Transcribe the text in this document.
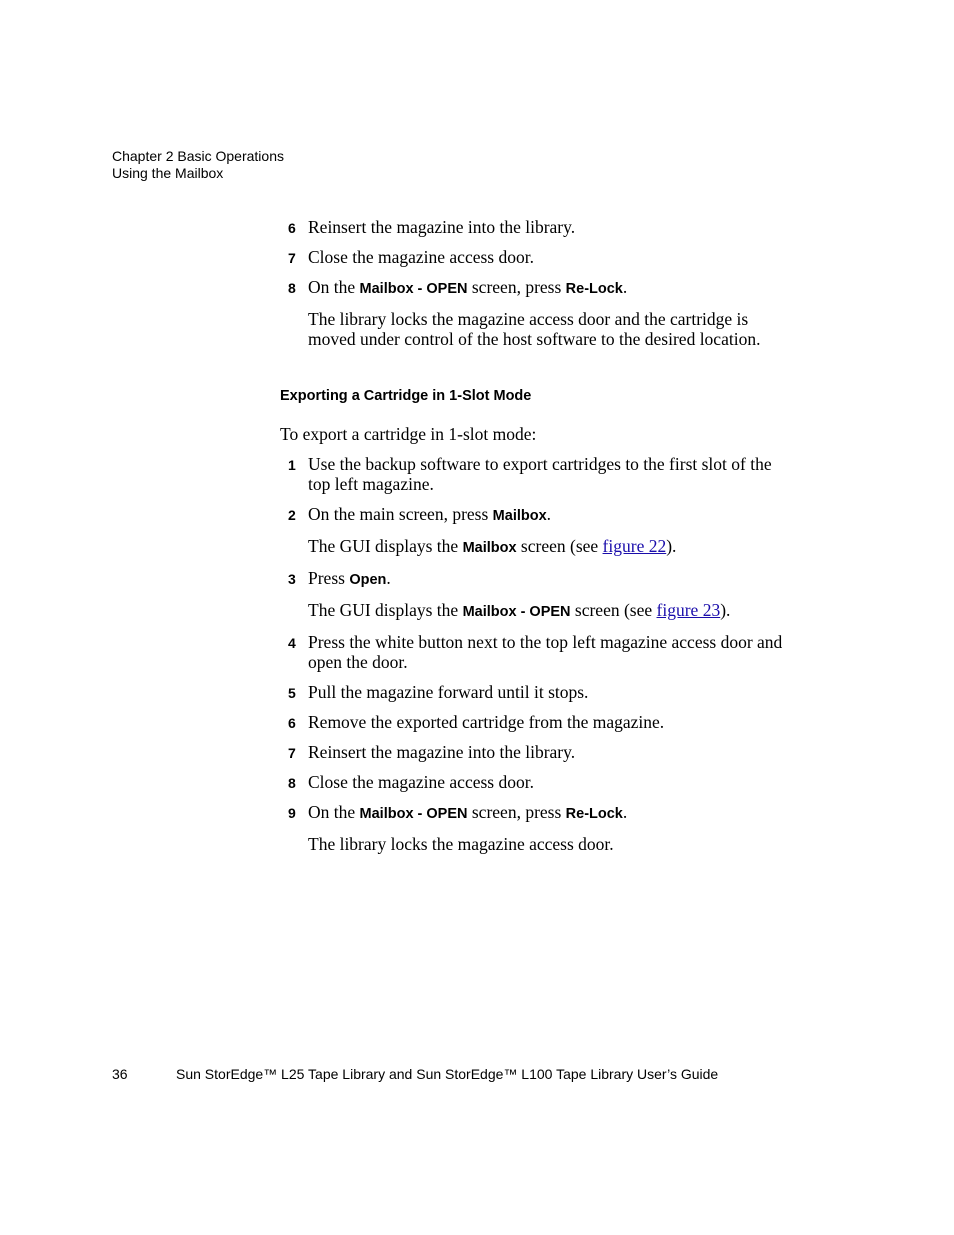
Chapter 2 Basic Operations
Using the Mailbox
6 Reinsert the magazine into the library.
7 Close the magazine access door.
8 On the Mailbox - OPEN screen, press Re-Lock.
The library locks the magazine access door and the cartridge is moved under control of the host software to the desired location.
Exporting a Cartridge in 1-Slot Mode
To export a cartridge in 1-slot mode:
1 Use the backup software to export cartridges to the first slot of the top left magazine.
2 On the main screen, press Mailbox.
The GUI displays the Mailbox screen (see figure 22).
3 Press Open.
The GUI displays the Mailbox - OPEN screen (see figure 23).
4 Press the white button next to the top left magazine access door and open the door.
5 Pull the magazine forward until it stops.
6 Remove the exported cartridge from the magazine.
7 Reinsert the magazine into the library.
8 Close the magazine access door.
9 On the Mailbox - OPEN screen, press Re-Lock.
The library locks the magazine access door.
36	Sun StorEdge™ L25 Tape Library and Sun StorEdge™ L100 Tape Library User’s Guide
